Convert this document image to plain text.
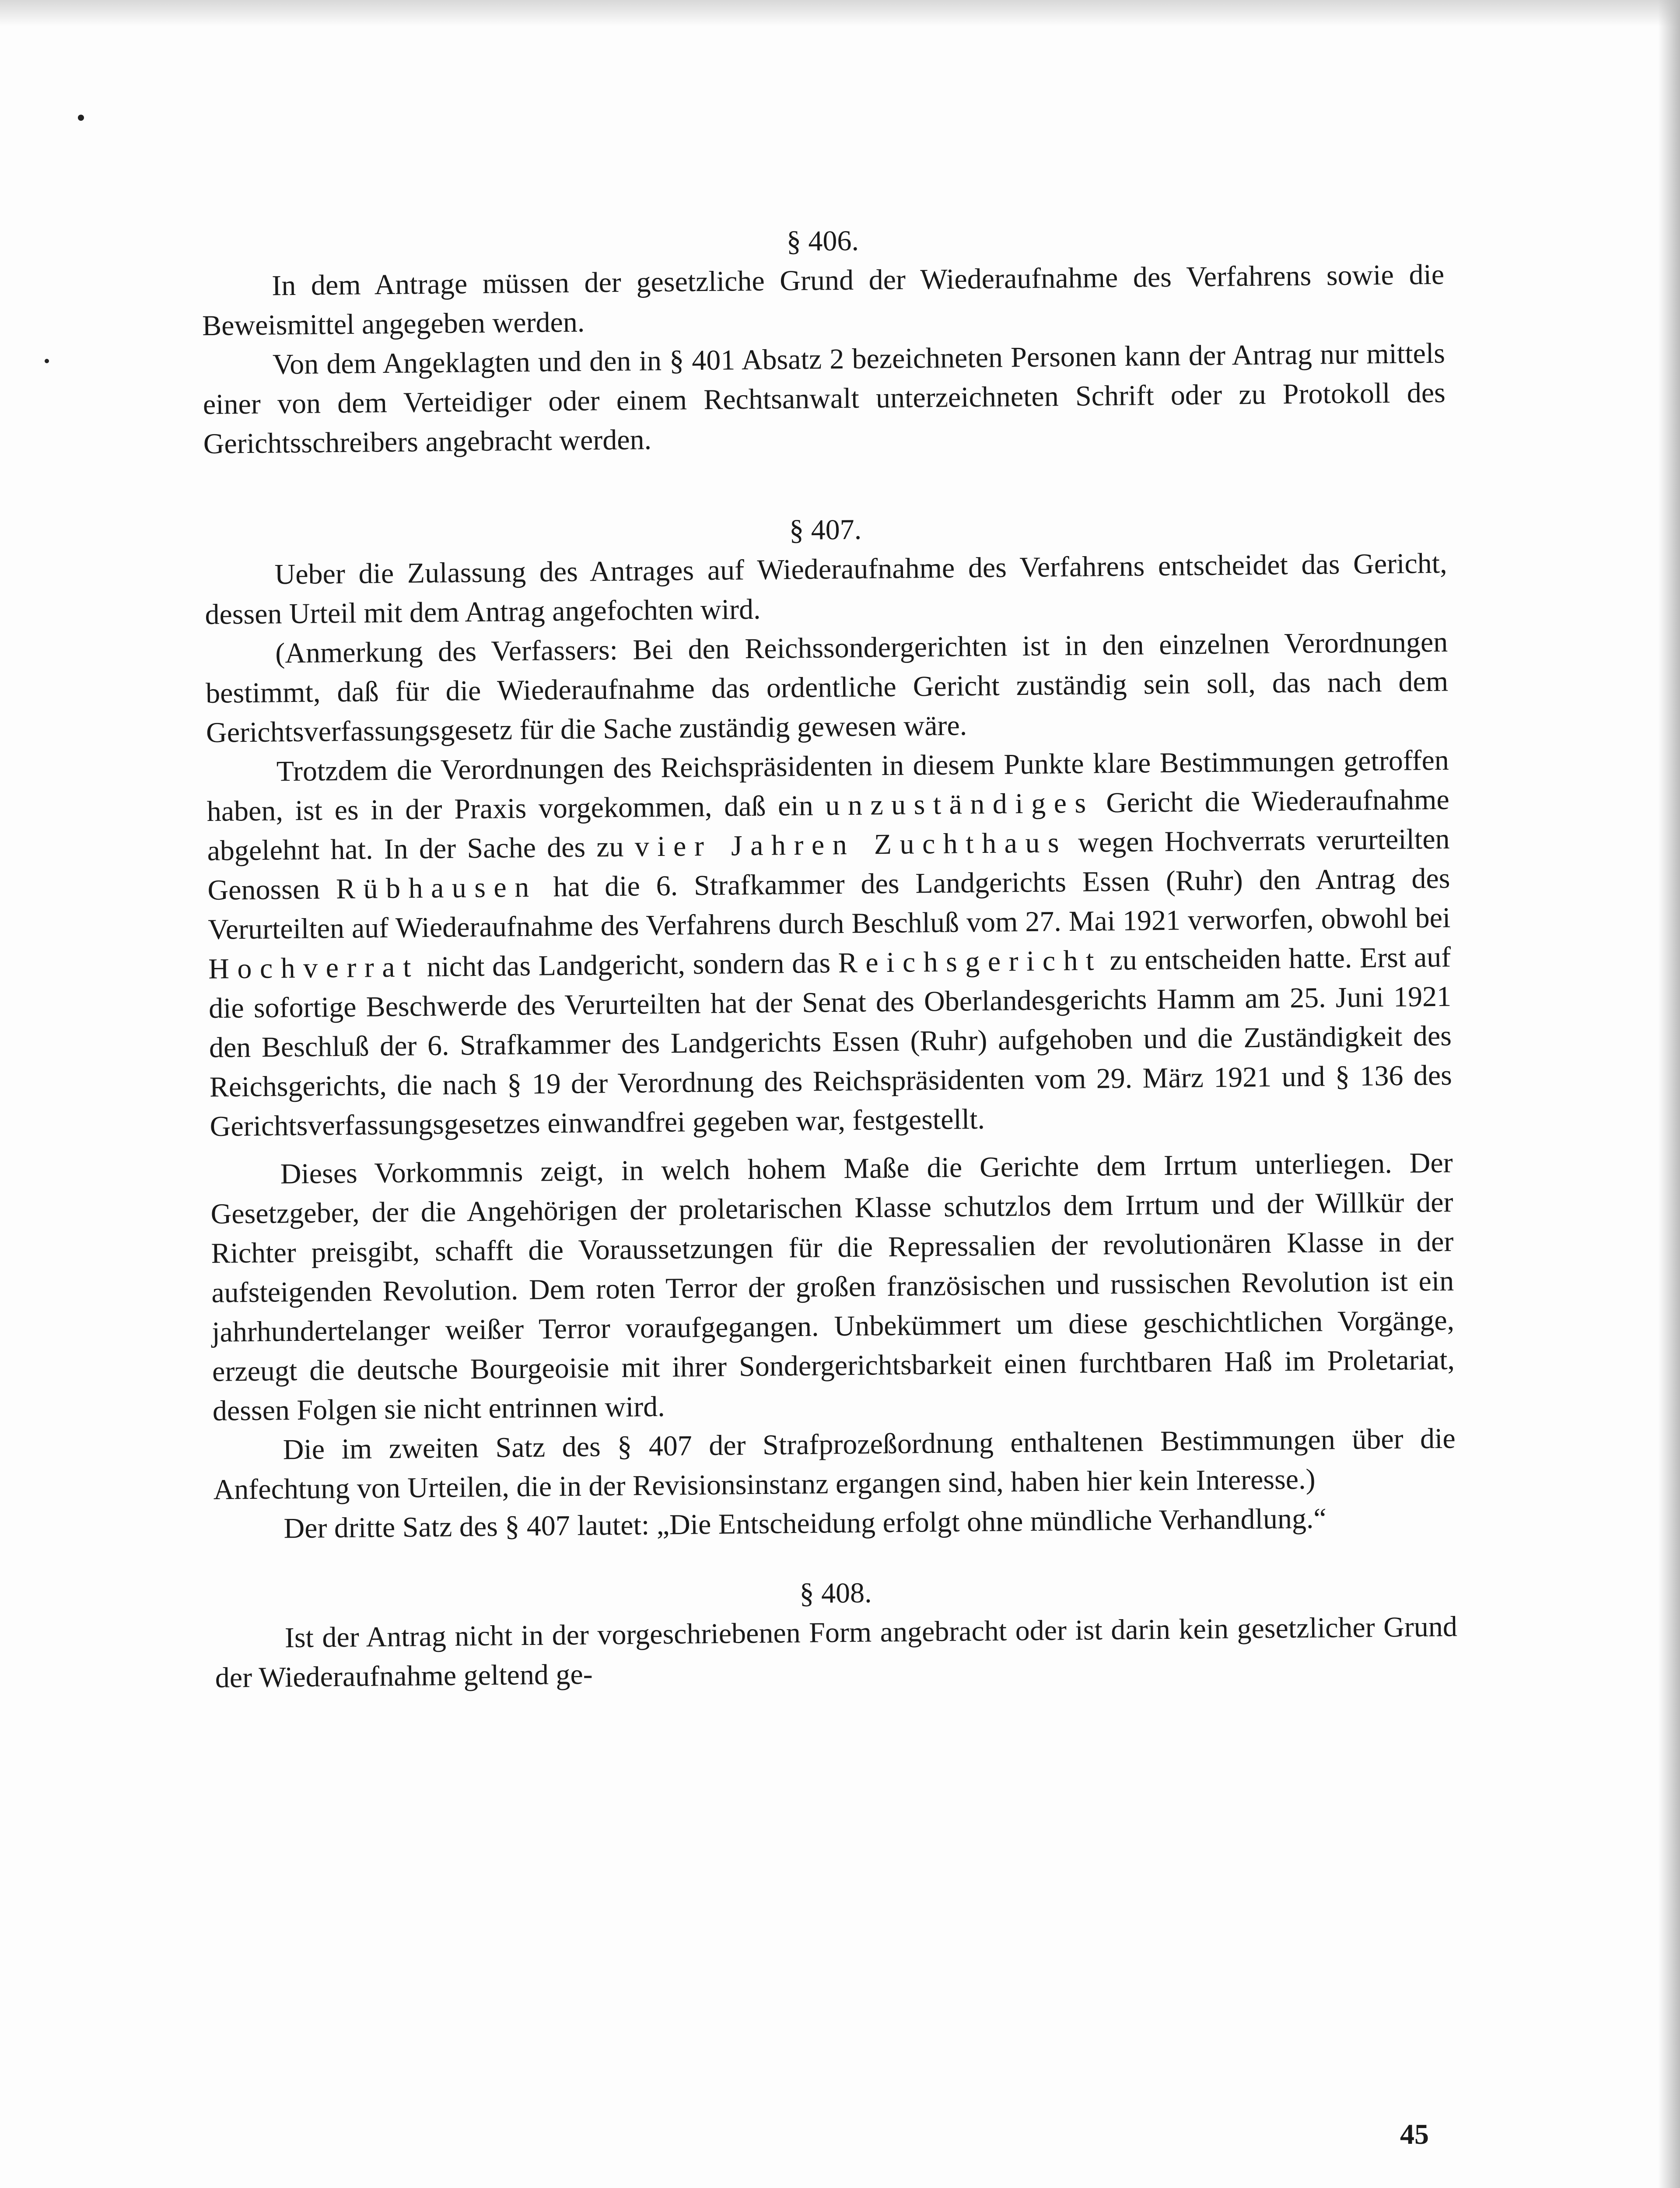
§ 406.

In dem Antrage müssen der gesetzliche Grund der Wiederaufnahme des Verfahrens sowie die Beweismittel angegeben werden.

Von dem Angeklagten und den in § 401 Absatz 2 bezeichneten Personen kann der Antrag nur mittels einer von dem Verteidiger oder einem Rechtsanwalt unterzeichneten Schrift oder zu Protokoll des Gerichtsschreibers angebracht werden.

§ 407.

Ueber die Zulassung des Antrages auf Wiederaufnahme des Verfahrens entscheidet das Gericht, dessen Urteil mit dem Antrag angefochten wird.

(Anmerkung des Verfassers: Bei den Reichssondergerichten ist in den einzelnen Verordnungen bestimmt, daß für die Wiederaufnahme das ordentliche Gericht zuständig sein soll, das nach dem Gerichtsverfassungsgesetz für die Sache zuständig gewesen wäre.

Trotzdem die Verordnungen des Reichspräsidenten in diesem Punkte klare Bestimmungen getroffen haben, ist es in der Praxis vorgekommen, daß ein unzuständiges Gericht die Wiederaufnahme abgelehnt hat. In der Sache des zu vier Jahren Zuchthaus wegen Hochverrats verurteilten Genossen Rübhausen hat die 6. Strafkammer des Landgerichts Essen (Ruhr) den Antrag des Verurteilten auf Wiederaufnahme des Verfahrens durch Beschluß vom 27. Mai 1921 verworfen, obwohl bei Hochverrat nicht das Landgericht, sondern das Reichsgericht zu entscheiden hatte. Erst auf die sofortige Beschwerde des Verurteilten hat der Senat des Oberlandesgerichts Hamm am 25. Juni 1921 den Beschluß der 6. Strafkammer des Landgerichts Essen (Ruhr) aufgehoben und die Zuständigkeit des Reichsgerichts, die nach § 19 der Verordnung des Reichspräsidenten vom 29. März 1921 und § 136 des Gerichtsverfassungsgesetzes einwandfrei gegeben war, festgestellt.

Dieses Vorkommnis zeigt, in welch hohem Maße die Gerichte dem Irrtum unterliegen. Der Gesetzgeber, der die Angehörigen der proletarischen Klasse schutzlos dem Irrtum und der Willkür der Richter preisgibt, schafft die Voraussetzungen für die Repressalien der revolutionären Klasse in der aufsteigenden Revolution. Dem roten Terror der großen französischen und russischen Revolution ist ein jahrhundertelanger weißer Terror voraufgegangen. Unbekümmert um diese geschichtlichen Vorgänge, erzeugt die deutsche Bourgeoisie mit ihrer Sondergerichtsbarkeit einen furchtbaren Haß im Proletariat, dessen Folgen sie nicht entrinnen wird.

Die im zweiten Satz des § 407 der Strafprozeßordnung enthaltenen Bestimmungen über die Anfechtung von Urteilen, die in der Revisionsinstanz ergangen sind, haben hier kein Interesse.)

Der dritte Satz des § 407 lautet: „Die Entscheidung erfolgt ohne mündliche Verhandlung.“

§ 408.

Ist der Antrag nicht in der vorgeschriebenen Form angebracht oder ist darin kein gesetzlicher Grund der Wiederaufnahme geltend ge-

45
